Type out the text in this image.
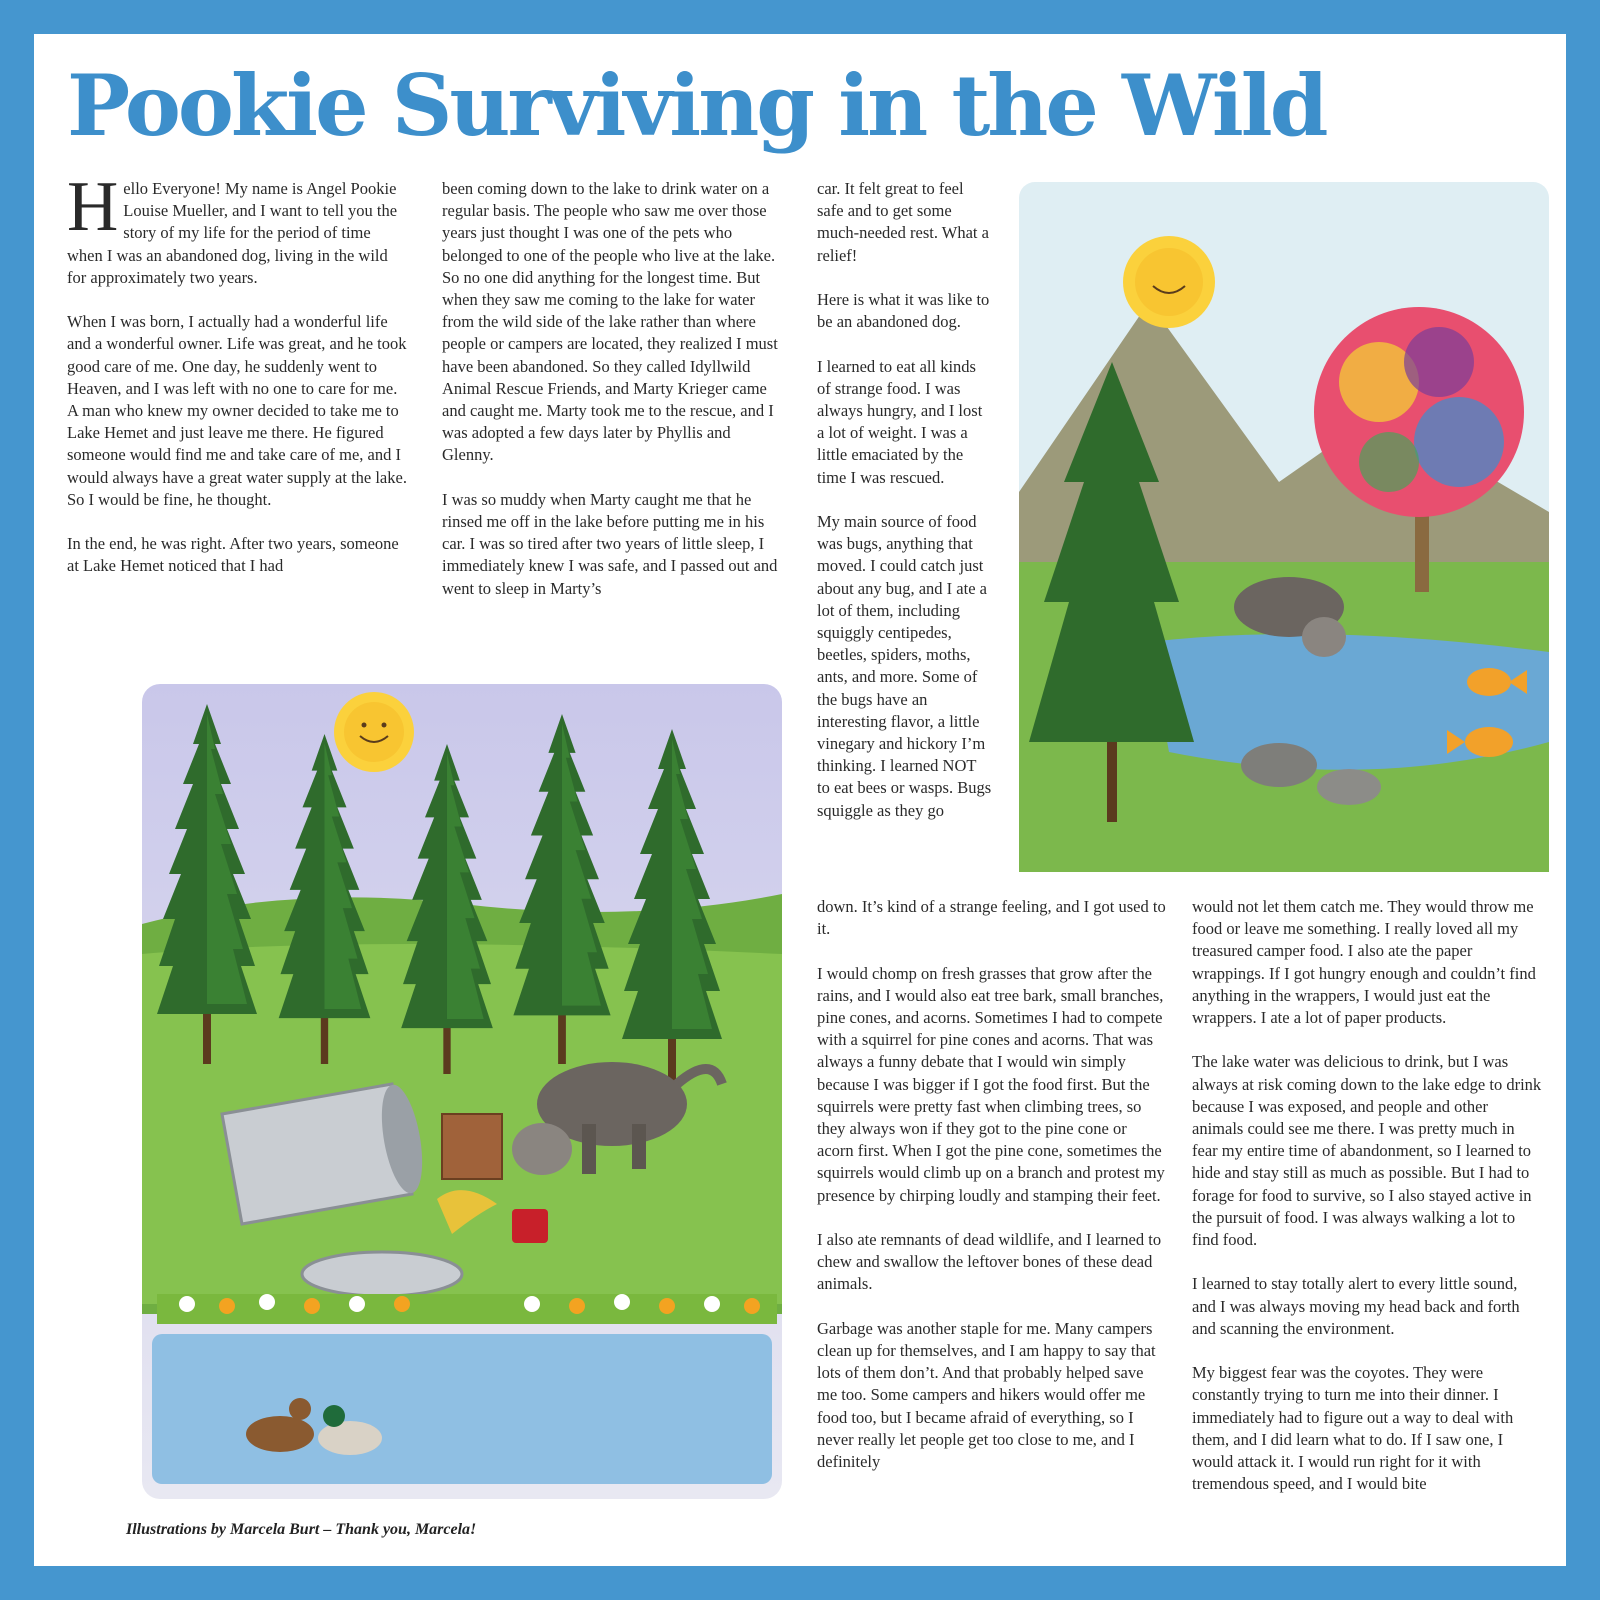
Pookie Surviving in the Wild

Hello Everyone! My name is Angel Pookie Louise Mueller, and I want to tell you the story of my life for the period of time when I was an abandoned dog, living in the wild for approximately two years.

When I was born, I actually had a wonderful life and a wonderful owner. Life was great, and he took good care of me. One day, he suddenly went to Heaven, and I was left with no one to care for me. A man who knew my owner decided to take me to Lake Hemet and just leave me there. He figured someone would find me and take care of me, and I would always have a great water supply at the lake. So I would be fine, he thought.

In the end, he was right. After two years, someone at Lake Hemet noticed that I had

been coming down to the lake to drink water on a regular basis. The people who saw me over those years just thought I was one of the pets who belonged to one of the people who live at the lake. So no one did anything for the longest time. But when they saw me coming to the lake for water from the wild side of the lake rather than where people or campers are located, they realized I must have been abandoned. So they called Idyllwild Animal Rescue Friends, and Marty Krieger came and caught me. Marty took me to the rescue, and I was adopted a few days later by Phyllis and Glenny.

I was so muddy when Marty caught me that he rinsed me off in the lake before putting me in his car. I was so tired after two years of little sleep, I immediately knew I was safe, and I passed out and went to sleep in Marty’s

car. It felt great to feel safe and to get some much-needed rest. What a relief!

Here is what it was like to be an abandoned dog.

I learned to eat all kinds of strange food. I was always hungry, and I lost a lot of weight. I was a little emaciated by the time I was rescued.

My main source of food was bugs, anything that moved. I could catch just about any bug, and I ate a lot of them, including squiggly centipedes, beetles, spiders, moths, ants, and more. Some of the bugs have an interesting flavor, a little vinegary and hickory I’m thinking. I learned NOT to eat bees or wasps. Bugs squiggle as they go

down. It’s kind of a strange feeling, and I got used to it.

I would chomp on fresh grasses that grow after the rains, and I would also eat tree bark, small branches, pine cones, and acorns. Sometimes I had to compete with a squirrel for pine cones and acorns. That was always a funny debate that I would win simply because I was bigger if I got the food first. But the squirrels were pretty fast when climbing trees, so they always won if they got to the pine cone or acorn first. When I got the pine cone, sometimes the squirrels would climb up on a branch and protest my presence by chirping loudly and stamping their feet.

I also ate remnants of dead wildlife, and I learned to chew and swallow the leftover bones of these dead animals.

Garbage was another staple for me. Many campers clean up for themselves, and I am happy to say that lots of them don’t. And that probably helped save me too. Some campers and hikers would offer me food too, but I became afraid of everything, so I never really let people get too close to me, and I definitely

would not let them catch me. They would throw me food or leave me something. I really loved all my treasured camper food. I also ate the paper wrappings. If I got hungry enough and couldn’t find anything in the wrappers, I would just eat the wrappers. I ate a lot of paper products.

The lake water was delicious to drink, but I was always at risk coming down to the lake edge to drink because I was exposed, and people and other animals could see me there. I was pretty much in fear my entire time of abandonment, so I learned to hide and stay still as much as possible. But I had to forage for food to survive, so I also stayed active in the pursuit of food. I was always walking a lot to find food.

I learned to stay totally alert to every little sound, and I was always moving my head back and forth and scanning the environment.

My biggest fear was the coyotes. They were constantly trying to turn me into their dinner. I immediately had to figure out a way to deal with them, and I did learn what to do. If I saw one, I would attack it. I would run right for it with tremendous speed, and I would bite

Illustrations by Marcela Burt – Thank you, Marcela!
